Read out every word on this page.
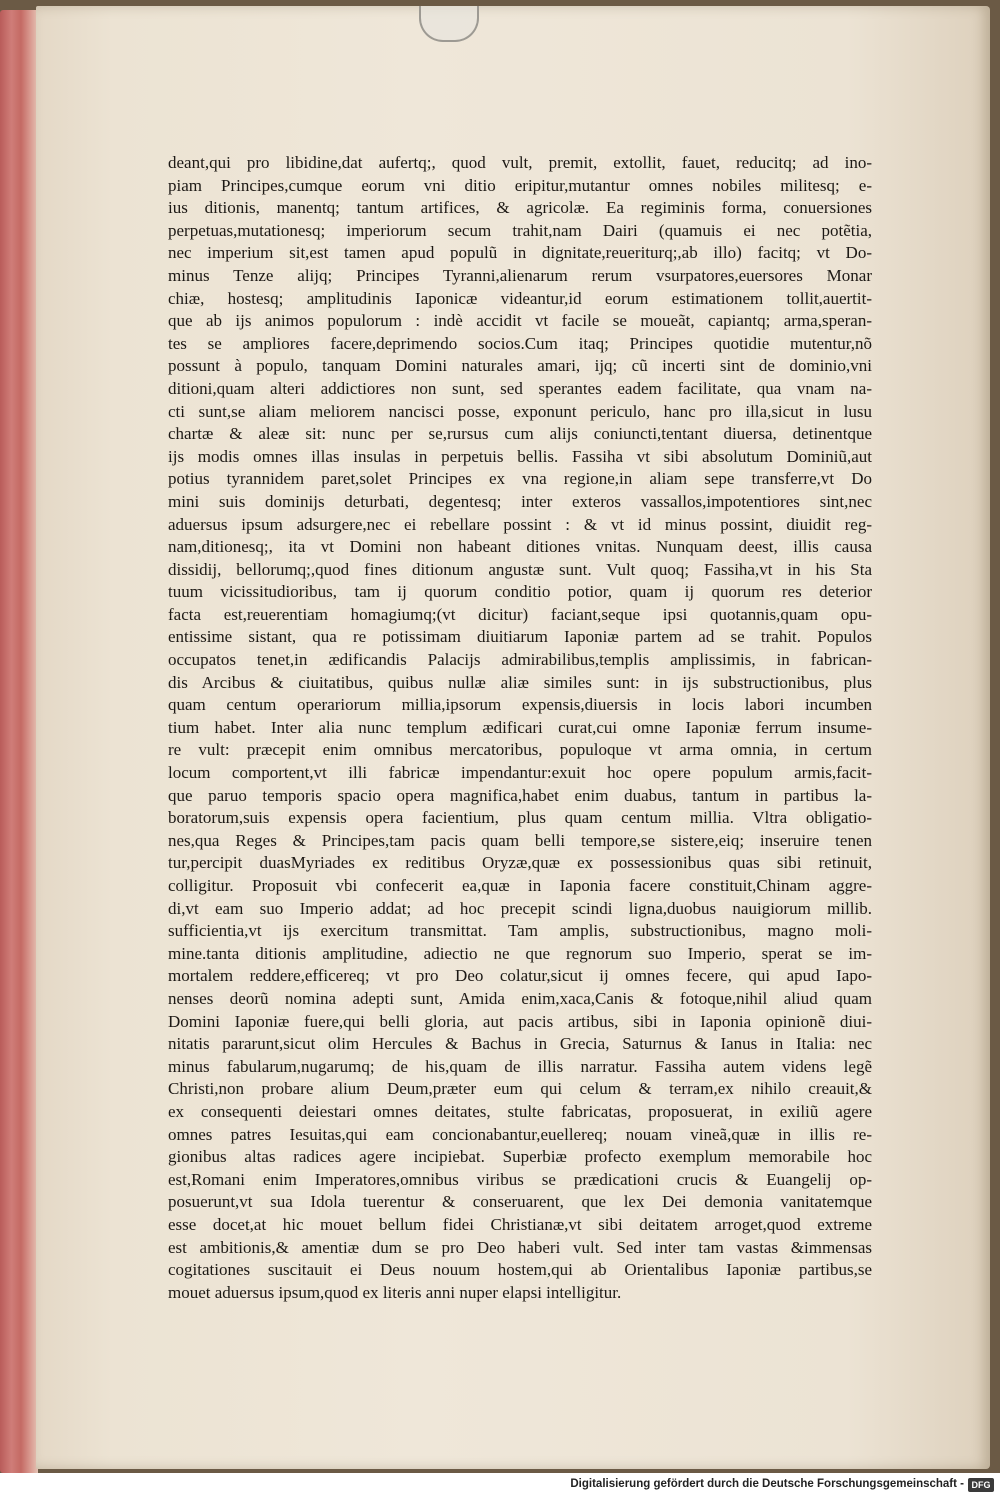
deant,qui pro libidine,dat aufertq;, quod vult, premit, extollit, fauet, reducitq; ad ino-
piam Principes,cumque eorum vni ditio eripitur,mutantur omnes nobiles militesq; e-
ius ditionis, manentq; tantum artifices, & agricolæ. Ea regiminis forma, conuersiones
perpetuas,mutationesq; imperiorum secum trahit,nam Dairi (quamuis ei nec potẽtia,
nec imperium sit,est tamen apud populũ in dignitate,reueriturq;,ab illo) facitq; vt Do-
minus Tenze alijq; Principes Tyranni,alienarum rerum vsurpatores,euersores Monar
chiæ, hostesq; amplitudinis Iaponicæ videantur,id eorum estimationem tollit,auertit-
que ab ijs animos populorum : indè accidit vt facile se moueãt, capiantq; arma,speran-
tes se ampliores facere,deprimendo socios.Cum itaq; Principes quotidie mutentur,nõ
possunt à populo, tanquam Domini naturales amari, ijq; cũ incerti sint de dominio,vni
ditioni,quam alteri addictiores non sunt, sed sperantes eadem facilitate, qua vnam na-
cti sunt,se aliam meliorem nancisci posse, exponunt periculo, hanc pro illa,sicut in lusu
chartæ & aleæ sit: nunc per se,rursus cum alijs coniuncti,tentant diuersa, detinentque
ijs modis omnes illas insulas in perpetuis bellis. Fassiha vt sibi absolutum Dominiũ,aut
potius tyrannidem paret,solet Principes ex vna regione,in aliam sepe transferre,vt Do
mini suis dominijs deturbati, degentesq; inter exteros vassallos,impotentiores sint,nec
aduersus ipsum adsurgere,nec ei rebellare possint : & vt id minus possint, diuidit reg-
nam,ditionesq;, ita vt Domini non habeant ditiones vnitas. Nunquam deest, illis causa
dissidij, bellorumq;,quod fines ditionum angustæ sunt. Vult quoq; Fassiha,vt in his Sta
tuum vicissitudioribus, tam ij quorum conditio potior, quam ij quorum res deterior
facta est,reuerentiam homagiumq;(vt dicitur) faciant,seque ipsi quotannis,quam opu-
entissime sistant, qua re potissimam diuitiarum Iaponiæ partem ad se trahit. Populos
occupatos tenet,in ædificandis Palacijs admirabilibus,templis amplissimis, in fabrican-
dis Arcibus & ciuitatibus, quibus nullæ aliæ similes sunt: in ijs substructionibus, plus
quam centum operariorum millia,ipsorum expensis,diuersis in locis labori incumben
tium habet. Inter alia nunc templum ædificari curat,cui omne Iaponiæ ferrum insume-
re vult: præcepit enim omnibus mercatoribus, populoque vt arma omnia, in certum
locum comportent,vt illi fabricæ impendantur:exuit hoc opere populum armis,facit-
que paruo temporis spacio opera magnifica,habet enim duabus, tantum in partibus la-
boratorum,suis expensis opera facientium, plus quam centum millia. Vltra obligatio-
nes,qua Reges & Principes,tam pacis quam belli tempore,se sistere,eiq; inseruire tenen
tur,percipit duasMyriades ex reditibus Oryzæ,quæ ex possessionibus quas sibi retinuit,
colligitur. Proposuit vbi confecerit ea,quæ in Iaponia facere constituit,Chinam aggre-
di,vt eam suo Imperio addat; ad hoc precepit scindi ligna,duobus nauigiorum millib.
sufficientia,vt ijs exercitum transmittat. Tam amplis, substructionibus, magno moli-
mine.tanta ditionis amplitudine, adiectio ne que regnorum suo Imperio, sperat se im-
mortalem reddere,efficereq; vt pro Deo colatur,sicut ij omnes fecere, qui apud Iapo-
nenses deorũ nomina adepti sunt, Amida enim,xaca,Canis & fotoque,nihil aliud quam
Domini Iaponiæ fuere,qui belli gloria, aut pacis artibus, sibi in Iaponia opinionẽ diui-
nitatis pararunt,sicut olim Hercules & Bachus in Grecia, Saturnus & Ianus in Italia: nec
minus fabularum,nugarumq; de his,quam de illis narratur. Fassiha autem videns legẽ
Christi,non probare alium Deum,præter eum qui celum & terram,ex nihilo creauit,&
ex consequenti deiestari omnes deitates, stulte fabricatas, proposuerat, in exiliũ agere
omnes patres Iesuitas,qui eam concionabantur,euellereq; nouam vineã,quæ in illis re-
gionibus altas radices agere incipiebat. Superbiæ profecto exemplum memorabile hoc
est,Romani enim Imperatores,omnibus viribus se prædicationi crucis & Euangelij op-
posuerunt,vt sua Idola tuerentur & conseruarent, que lex Dei demonia vanitatemque
esse docet,at hic mouet bellum fidei Christianæ,vt sibi deitatem arroget,quod extreme
est ambitionis,& amentiæ dum se pro Deo haberi vult. Sed inter tam vastas &immensas
cogitationes suscitauit ei Deus nouum hostem,qui ab Orientalibus Iaponiæ partibus,se
mouet aduersus ipsum,quod ex literis anni nuper elapsi intelligitur.
Digitalisierung gefördert durch die Deutsche Forschungsgemeinschaft - DFG
